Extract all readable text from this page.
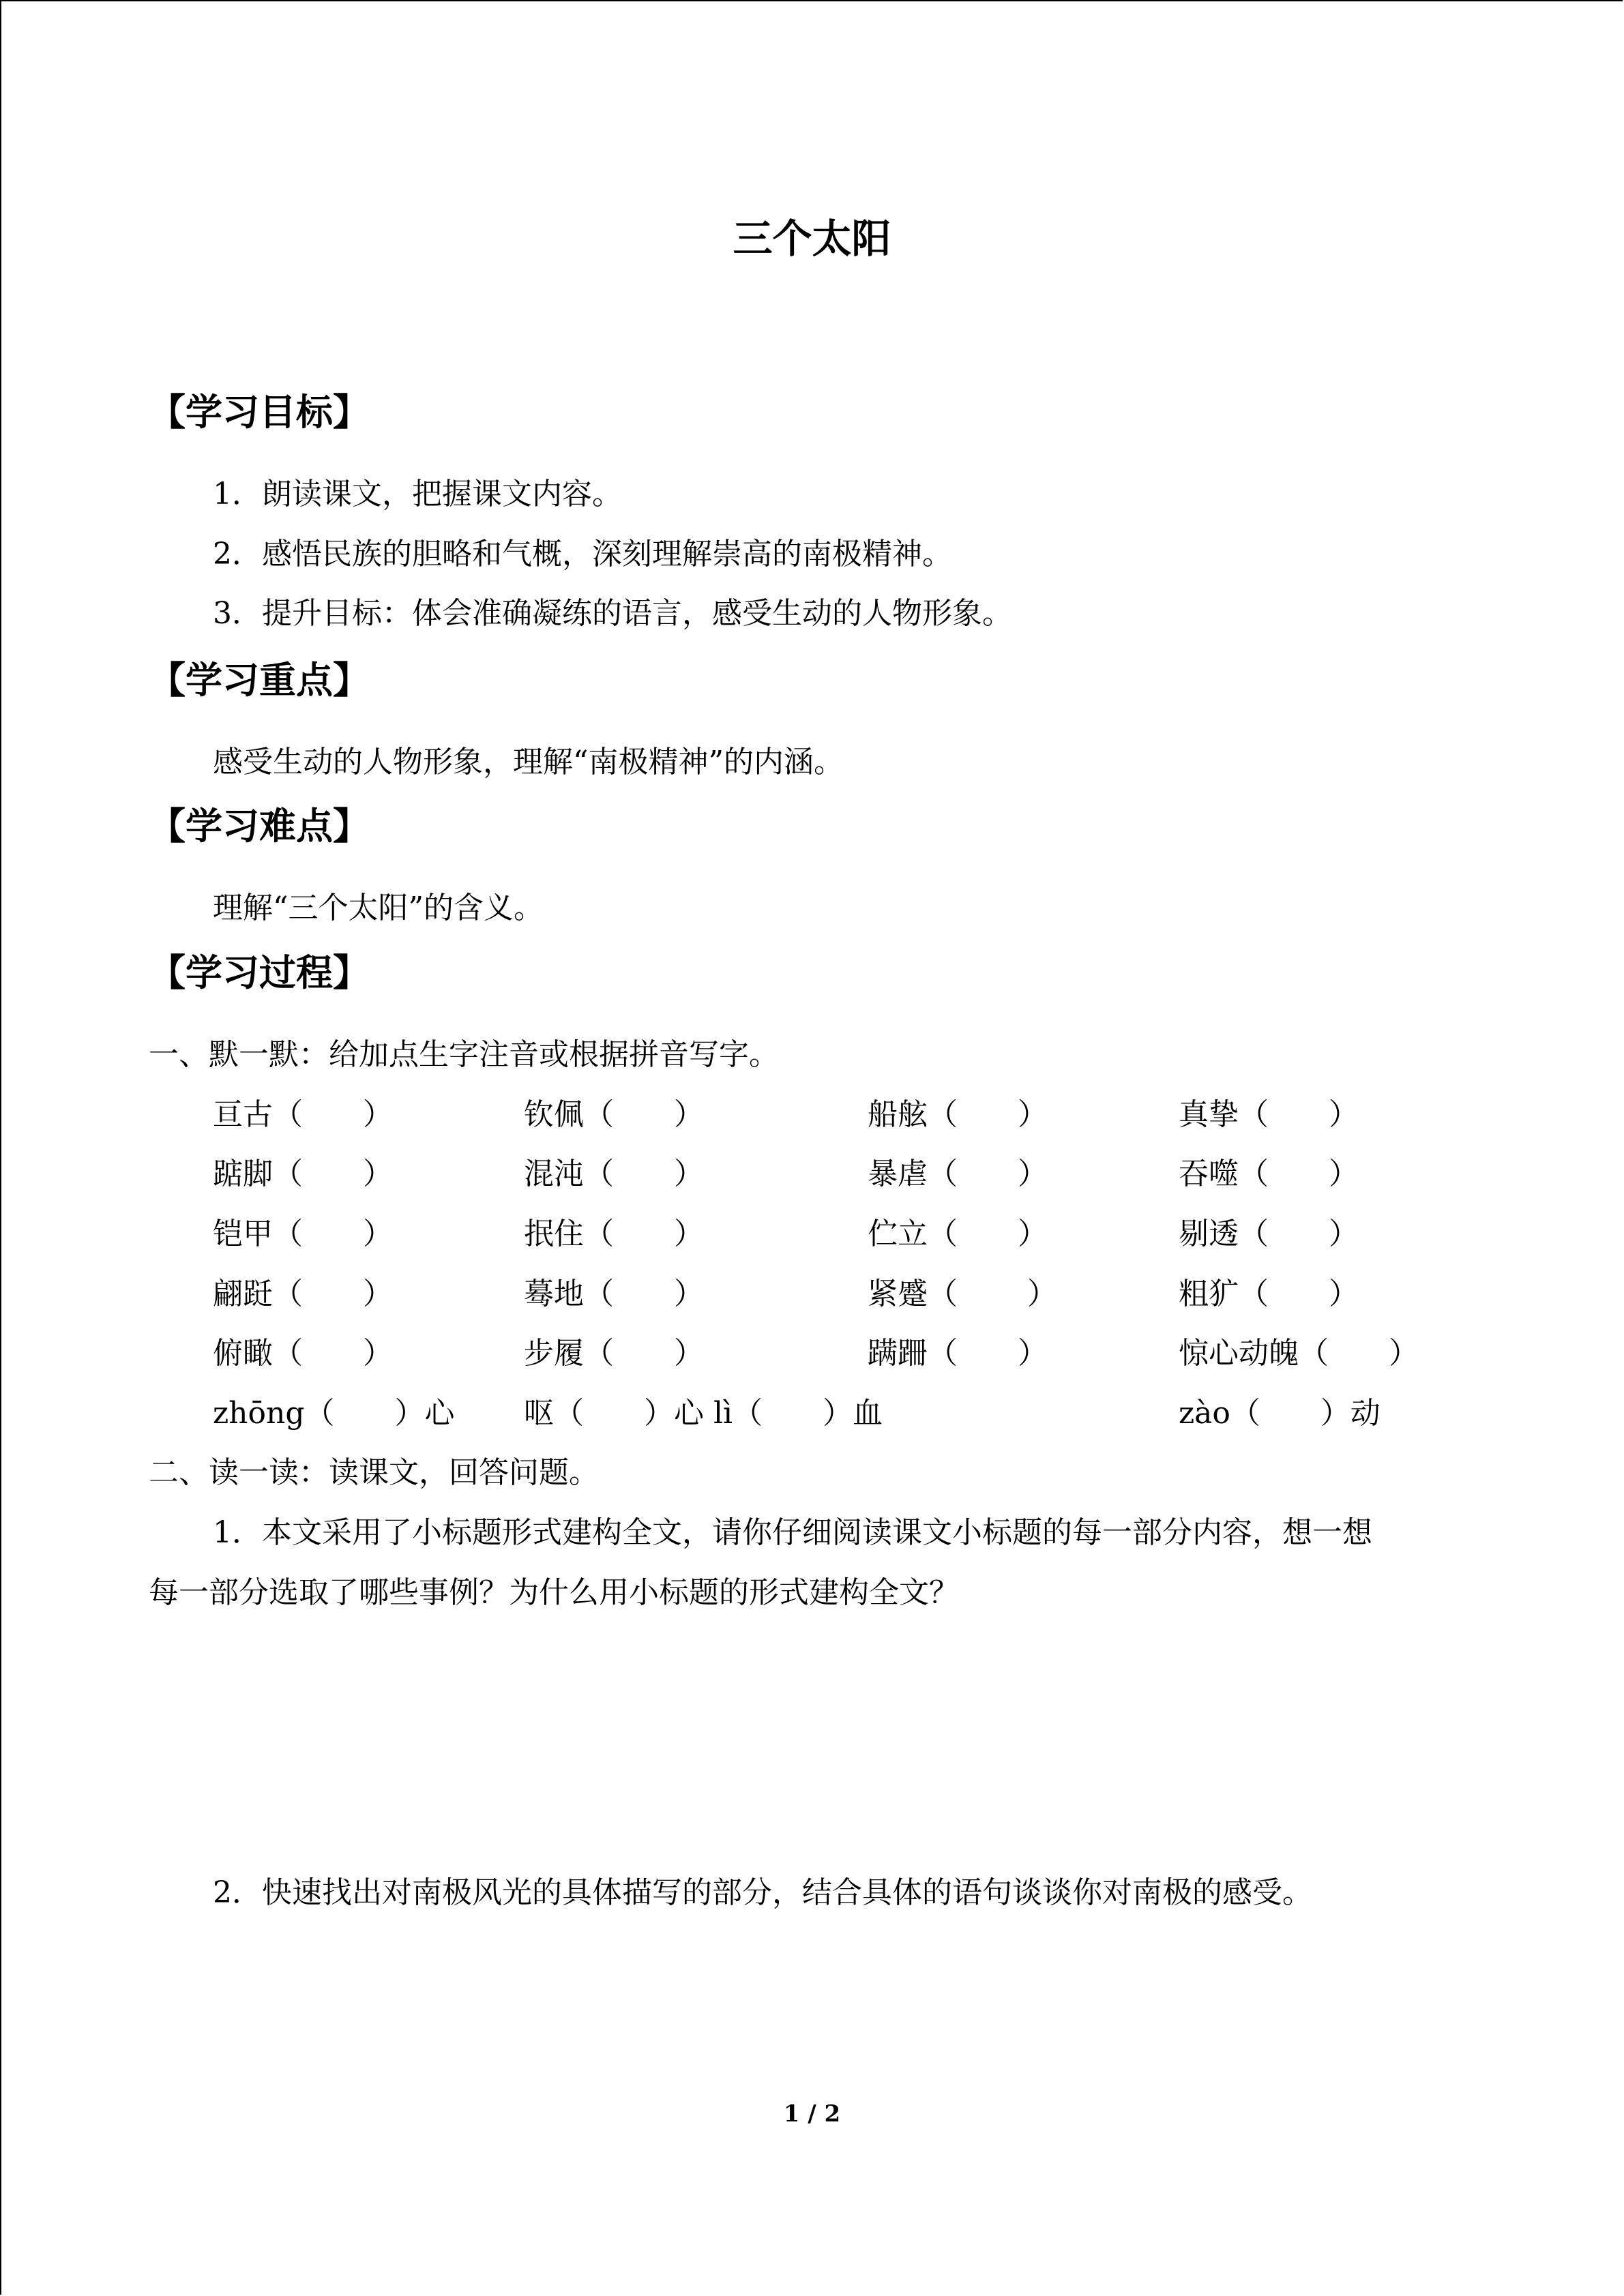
三个太阳
【学习目标】
1．朗读课文，把握课文内容。
2．感悟民族的胆略和气概，深刻理解崇高的南极精神。
3．提升目标：体会准确凝练的语言，感受生动的人物形象。
【学习重点】
感受生动的人物形象，理解“南极精神”的内涵。
【学习难点】
理解“三个太阳”的含义。
【学习过程】
一、默一默：给加点生字注音或根据拼音写字。
亘古（　　）	钦佩（　　）	船舷（　　）	真挚（　　）
踮脚（　　）	混沌（　　）	暴虐（　　）	吞噬（　　）
铠甲（　　）	抿住（　　）	伫立（　　）	剔透（　　）
翩跹（　　）	蓦地（　　）	紧蹙（　　 ）	粗犷（　　）
俯瞰（　　）	步履（　　）	蹒跚（　　）	惊心动魄（　　）
zhōng（　　）心 呕（　　）心 lì（　　）血	zào（　　）动
二、读一读：读课文，回答问题。
1．本文采用了小标题形式建构全文，请你仔细阅读课文小标题的每一部分内容，想一想
每一部分选取了哪些事例？为什么用小标题的形式建构全文？
2．快速找出对南极风光的具体描写的部分，结合具体的语句谈谈你对南极的感受。
1 / 2
